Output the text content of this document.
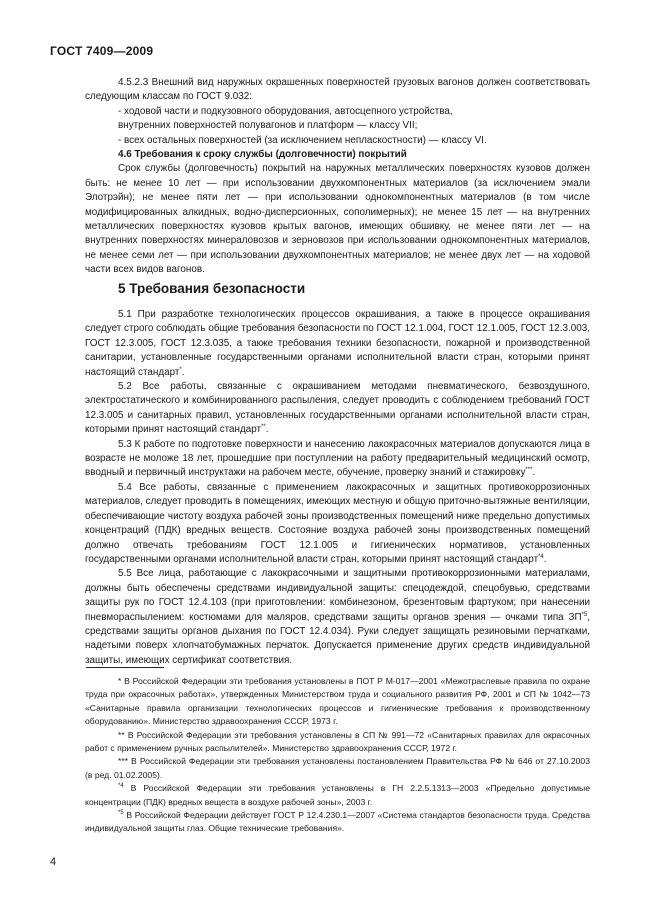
ГОСТ 7409—2009

4.5.2.3 Внешний вид наружных окрашенных поверхностей грузовых вагонов должен соответствовать следующим классам по ГОСТ 9.032:

- ходовой части и подкузовного оборудования, автосцепного устройства,

внутренних поверхностей полувагонов и платформ — классу VII;

- всех остальных поверхностей (за исключением непласкостности) — классу VI.

4.6 Требования к сроку службы (долговечности) покрытий

Срок службы (долговечность) покрытий на наружных металлических поверхностях кузовов должен быть: не менее 10 лет — при использовании двухкомпонентных материалов (за исключением эмали Элотрэйн); не менее пяти лет — при использовании однокомпонентных материалов (в том числе модифицированных алкидных, водно-дисперсионных, сополимерных); не менее 15 лет — на внутренних металлических поверхностях кузовов крытых вагонов, имеющих обшивку, не менее пяти лет — на внутренних поверхностях минераловозов и зерновозов при использовании однокомпонентных материалов, не менее семи лет — при использовании двухкомпонентных материалов; не менее двух лет — на ходовой части всех видов вагонов.

5 Требования безопасности

5.1 При разработке технологических процессов окрашивания, а также в процессе окрашивания следует строго соблюдать общие требования безопасности по ГОСТ 12.1.004, ГОСТ 12.1.005, ГОСТ 12.3.003, ГОСТ 12.3.005, ГОСТ 12.3.035, а также требования техники безопасности, пожарной и производственной санитарии, установленные государственными органами исполнительной власти стран, которыми принят настоящий стандарт*.

5.2 Все работы, связанные с окрашиванием методами пневматического, безвоздушного, электростатического и комбинированного распыления, следует проводить с соблюдением требований ГОСТ 12.3.005 и санитарных правил, установленных государственными органами исполнительной власти стран, которыми принят настоящий стандарт**.

5.3 К работе по подготовке поверхности и нанесению лакокрасочных материалов допускаются лица в возрасте не моложе 18 лет, прошедшие при поступлении на работу предварительный медицинский осмотр, вводный и первичный инструктажи на рабочем месте, обучение, проверку знаний и стажировку***.

5.4 Все работы, связанные с применением лакокрасочных и защитных противокоррозионных материалов, следует проводить в помещениях, имеющих местную и общую приточно-вытяжные вентиляции, обеспечивающие чистоту воздуха рабочей зоны производственных помещений ниже предельно допустимых концентраций (ПДК) вредных веществ. Состояние воздуха рабочей зоны производственных помещений должно отвечать требованиям ГОСТ 12.1.005 и гигиенических нормативов, установленных государственными органами исполнительной власти стран, которыми принят настоящий стандарт$^{*4}$.

5.5 Все лица, работающие с лакокрасочными и защитными противокоррозионными материалами, должны быть обеспечены средствами индивидуальной защиты: спецодеждой, спецобувью, средствами защиты рук по ГОСТ 12.4.103 (при приготовлении: комбинезоном, брезентовым фартуком; при нанесении пневмораспылением: костюмами для маляров, средствами защиты органов зрения — очками типа ЗП$^{*5}$, средствами защиты органов дыхания по ГОСТ 12.4.034). Руки следует защищать резиновыми перчатками, надетыми поверх хлопчатобумажных перчаток. Допускается применение других средств индивидуальной защиты, имеющих сертификат соответствия.

* В Российской Федерации эти требования установлены в ПОТ Р М-017—2001 «Межотраслевые правила по охране труда при окрасочных работах», утвержденных Министерством труда и социального развития РФ, 2001 и СП № 1042—73 «Санитарные правила организации технологических процессов и гигиенические требования к производственному оборудованию». Министерство здравоохранения СССР, 1973 г.

** В Российской Федерации эти требования установлены в СП № 991—72 «Санитарных правилах для окрасочных работ с применением ручных распылителей». Министерство здравоохранения СССР, 1972 г.

*** В Российской Федерации эти требования установлены постановлением Правительства РФ № 646 от 27.10.2003 (в ред. 01.02.2005).

$^{*4}$ В Российской Федерации эти требования установлены в ГН 2.2.5.1313—2003 «Предельно допустимые концентрации (ПДК) вредных веществ в воздухе рабочей зоны», 2003 г.

$^{*5}$ В Российской Федерации действует ГОСТ Р 12.4.230.1—2007 «Система стандартов безопасности труда. Средства индивидуальной защиты глаз. Общие технические требования».

4
